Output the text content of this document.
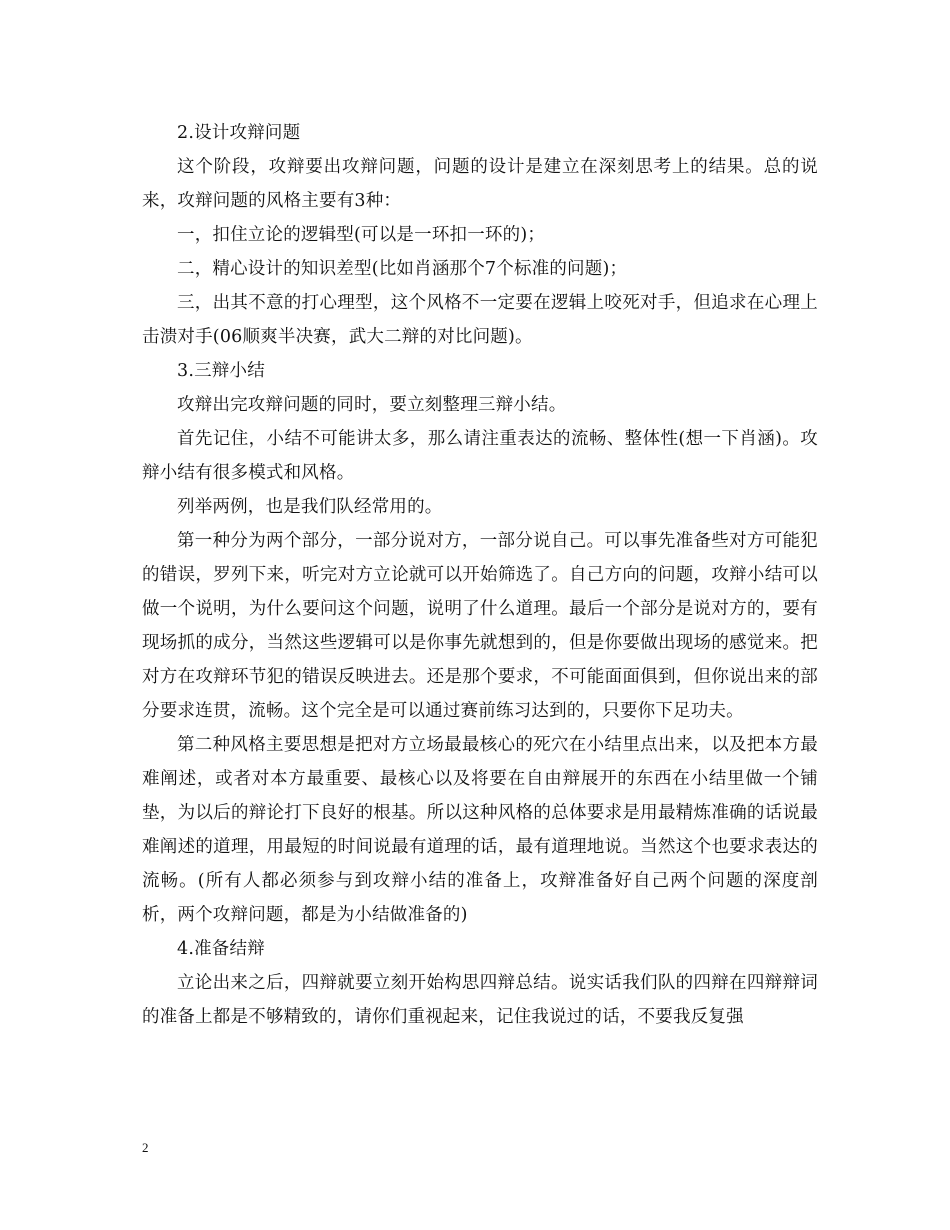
2.设计攻辩问题

这个阶段，攻辩要出攻辩问题，问题的设计是建立在深刻思考上的结果。总的说来，攻辩问题的风格主要有3种：

一，扣住立论的逻辑型(可以是一环扣一环的)；

二，精心设计的知识差型(比如肖涵那个7个标准的问题)；

三，出其不意的打心理型，这个风格不一定要在逻辑上咬死对手，但追求在心理上击溃对手(06顺爽半决赛，武大二辩的对比问题)。

3.三辩小结

攻辩出完攻辩问题的同时，要立刻整理三辩小结。

首先记住，小结不可能讲太多，那么请注重表达的流畅、整体性(想一下肖涵)。攻辩小结有很多模式和风格。

列举两例，也是我们队经常用的。

第一种分为两个部分，一部分说对方，一部分说自己。可以事先准备些对方可能犯的错误，罗列下来，听完对方立论就可以开始筛选了。自己方向的问题，攻辩小结可以做一个说明，为什么要问这个问题，说明了什么道理。最后一个部分是说对方的，要有现场抓的成分，当然这些逻辑可以是你事先就想到的，但是你要做出现场的感觉来。把对方在攻辩环节犯的错误反映进去。还是那个要求，不可能面面俱到，但你说出来的部分要求连贯，流畅。这个完全是可以通过赛前练习达到的，只要你下足功夫。

第二种风格主要思想是把对方立场最最核心的死穴在小结里点出来，以及把本方最难阐述，或者对本方最重要、最核心以及将要在自由辩展开的东西在小结里做一个铺垫，为以后的辩论打下良好的根基。所以这种风格的总体要求是用最精炼准确的话说最难阐述的道理，用最短的时间说最有道理的话，最有道理地说。当然这个也要求表达的流畅。(所有人都必须参与到攻辩小结的准备上，攻辩准备好自己两个问题的深度剖析，两个攻辩问题，都是为小结做准备的)

4.准备结辩

立论出来之后，四辩就要立刻开始构思四辩总结。说实话我们队的四辩在四辩辩词的准备上都是不够精致的，请你们重视起来，记住我说过的话，不要我反复强

2
